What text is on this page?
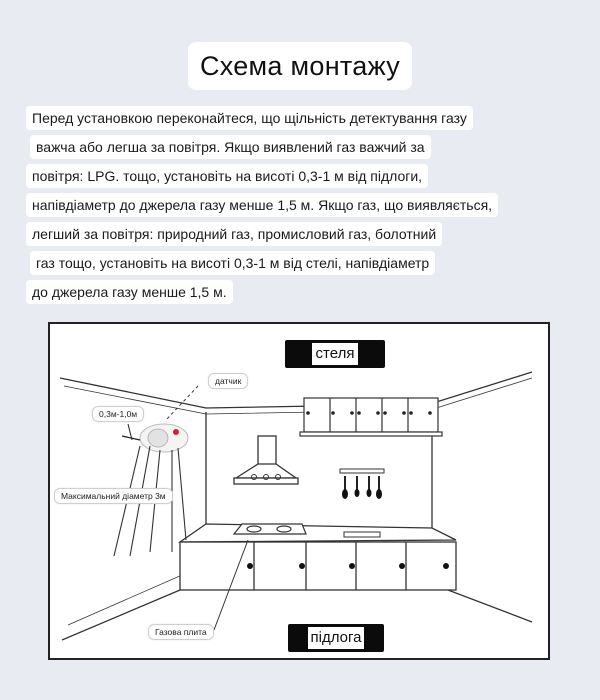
Схема монтажу
Перед установкою переконайтеся, що щільність детектування газу
важча або легша за повітря. Якщо виявлений газ важчий за
повітря: LPG. тощо, установіть на висоті 0,3-1 м від підлоги,
напівдіаметр до джерела газу менше 1,5 м. Якщо газ, що виявляється,
легший за повітря: природний газ, промисловий газ, болотний
газ тощо, установіть на висоті 0,3-1 м від стелі, напівдіаметр
до джерела газу менше 1,5 м.
датчик
0,3м-1,0м
Максимальний діаметр 3м
Газова плита
стеля
підлога
